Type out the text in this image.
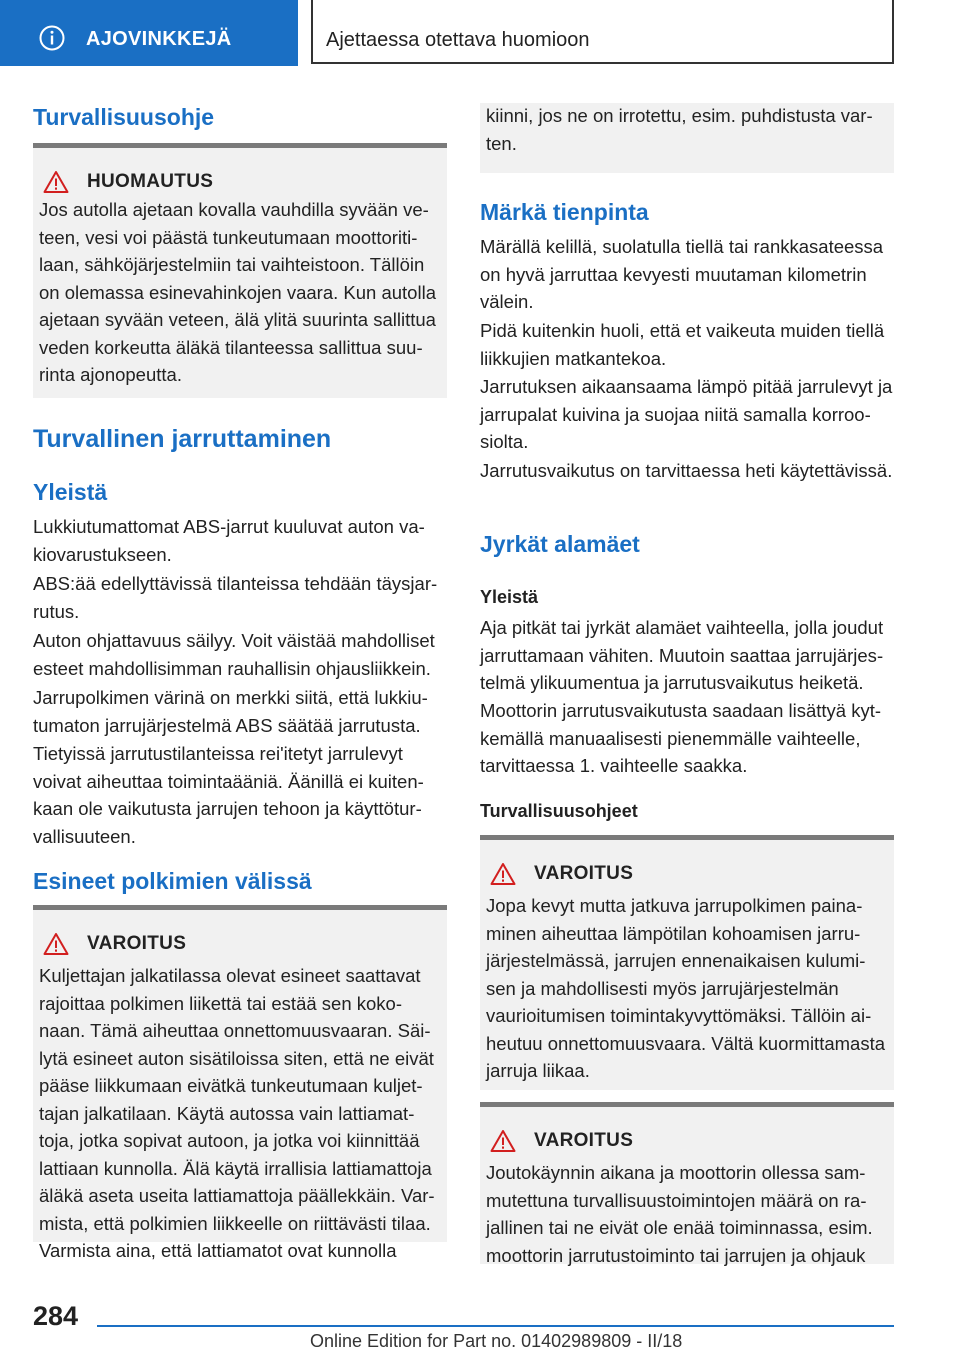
AJOVINKKEJÄ	Ajettaessa otettava huomioon
Turvallisuusohje
HUOMAUTUS

Jos autolla ajetaan kovalla vauhdilla syvään veteen, vesi voi päästä tunkeutumaan moottoritilaan, sähköjärjestelmiin tai vaihteistoon. Tällöin on olemassa esinevahinkojen vaara. Kun autolla ajetaan syvään veteen, älä ylitä suurinta sallittua veden korkeutta äläkä tilanteessa sallittua suurinta ajonopeutta.

Turvallinen jarruttaminen
Yleistä

Lukkiutumattomat ABS-jarrut kuuluvat auton vakiovarustukseen.

ABS:ää edellyttävissä tilanteissa tehdään täysjarrutus.

Auton ohjattavuus säilyy. Voit väistää mahdolliset esteet mahdollisimman rauhallisin ohjausliikkein.

Jarrupolkimen värinä on merkki siitä, että lukkiutumaton jarrujärjestelmä ABS säätää jarrutusta.

Tietyissä jarrutustilanteissa rei'itetyt jarrulevyt voivat aiheuttaa toimintaääniä. Äänillä ei kuitenkaan ole vaikutusta jarrujen tehoon ja käyttöturvallisuuteen.

Esineet polkimien välissä
VAROITUS

Kuljettajan jalkatilassa olevat esineet saattavat rajoittaa polkimen liikettä tai estää sen kokonaan. Tämä aiheuttaa onnettomuusvaaran. Säilytä esineet auton sisätiloissa siten, että ne eivät pääse liikkumaan eivätkä tunkeutumaan kuljettajan jalkatilaan. Käytä autossa vain lattiamattoja, jotka sopivat autoon, ja jotka voi kiinnittää lattiaan kunnolla. Älä käytä irrallisia lattiamattoja äläkä aseta useita lattiamattoja päällekkäin. Varmista, että polkimien liikkeelle on riittävästi tilaa. Varmista aina, että lattiamatot ovat kunnolla

kiinni, jos ne on irrotettu, esim. puhdistusta varten.

Märkä tienpinta

Märällä kelillä, suolatulla tiellä tai rankkasateessa on hyvä jarruttaa kevyesti muutaman kilometrin välein.

Pidä kuitenkin huoli, että et vaikeuta muiden tiellä liikkujien matkantekoa.

Jarrutuksen aikaansaama lämpö pitää jarrulevyt ja jarrupalat kuivina ja suojaa niitä samalla korroosiolta.

Jarrutusvaikutus on tarvittaessa heti käytettävissä.

Jyrkät alamäet
Yleistä

Aja pitkät tai jyrkät alamäet vaihteella, jolla joudut jarruttamaan vähiten. Muutoin saattaa jarrujärjestelmä ylikuumentua ja jarrutusvaikutus heiketä.

Moottorin jarrutusvaikutusta saadaan lisättyä kytkemällä manuaalisesti pienemmälle vaihteelle, tarvittaessa 1. vaihteelle saakka.

Turvallisuusohjeet
VAROITUS

Jopa kevyt mutta jatkuva jarrupolkimen painaminen aiheuttaa lämpötilan kohoamisen jarrujärjestelmässä, jarrujen ennenaikaisen kulumisen ja mahdollisesti myös jarrujärjestelmän vaurioitumisen toimintakyvyttömäksi. Tällöin aiheutuu onnettomuusvaara. Vältä kuormittamasta jarruja liikaa.

VAROITUS

Joutokäynnin aikana ja moottorin ollessa sammutettuna turvallisuustoimintojen määrä on rajallinen tai ne eivät ole enää toiminnassa, esim. moottorin jarrutustoiminto tai jarrujen ja ohjauk

284
Online Edition for Part no. 01402989809 - II/18
